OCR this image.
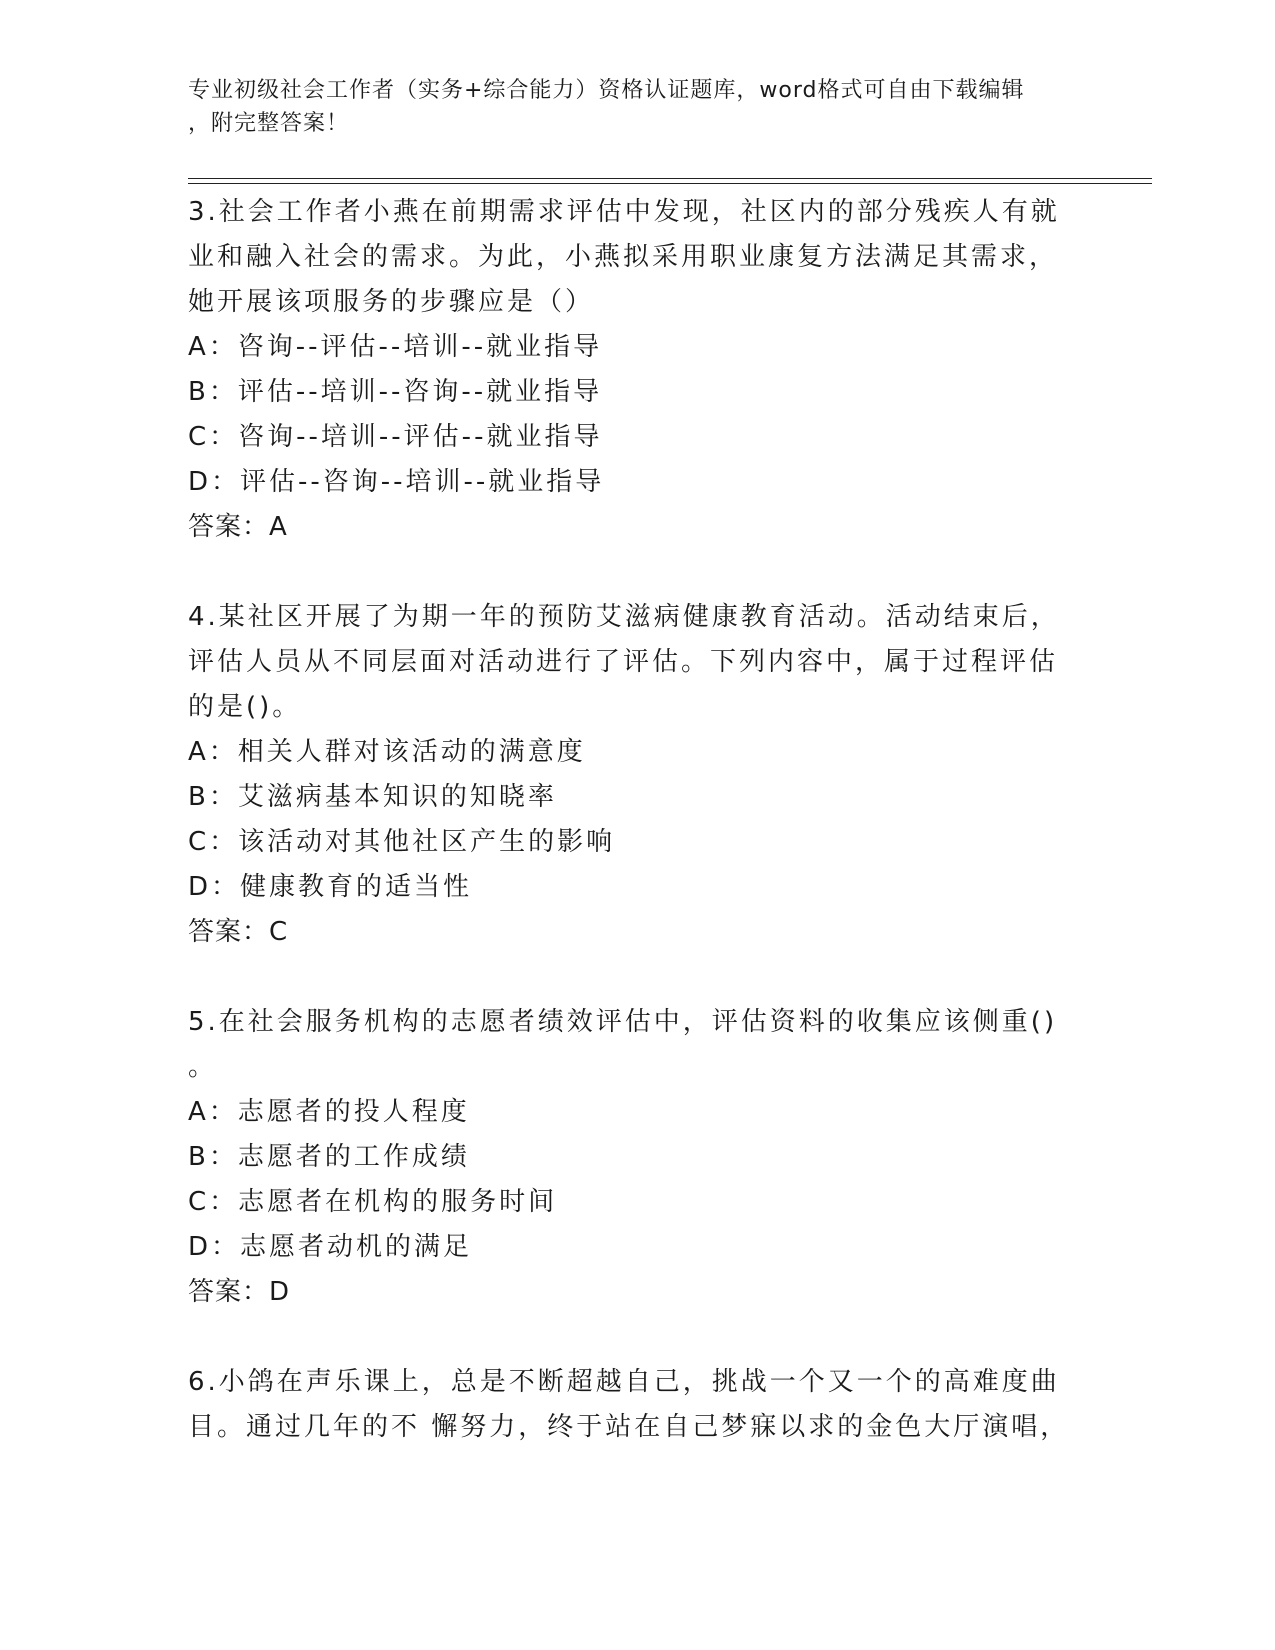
专业初级社会工作者（实务+综合能力）资格认证题库，word格式可自由下载编辑
，附完整答案！
3.社会工作者小燕在前期需求评估中发现，社区内的部分残疾人有就
业和融入社会的需求。为此，小燕拟采用职业康复方法满足其需求，
她开展该项服务的步骤应是（）
A：咨询--评估--培训--就业指导
B：评估--培训--咨询--就业指导
C：咨询--培训--评估--就业指导
D：评估--咨询--培训--就业指导
答案：A
4.某社区开展了为期一年的预防艾滋病健康教育活动。活动结束后，
评估人员从不同层面对活动进行了评估。下列内容中，属于过程评估
的是()。
A：相关人群对该活动的满意度
B：艾滋病基本知识的知晓率
C：该活动对其他社区产生的影响
D：健康教育的适当性
答案：C
5.在社会服务机构的志愿者绩效评估中，评估资料的收集应该侧重()
。
A：志愿者的投人程度
B：志愿者的工作成绩
C：志愿者在机构的服务时间
D：志愿者动机的满足
答案：D
6.小鸽在声乐课上，总是不断超越自己，挑战一个又一个的高难度曲
目。通过几年的不 懈努力，终于站在自己梦寐以求的金色大厅演唱，
